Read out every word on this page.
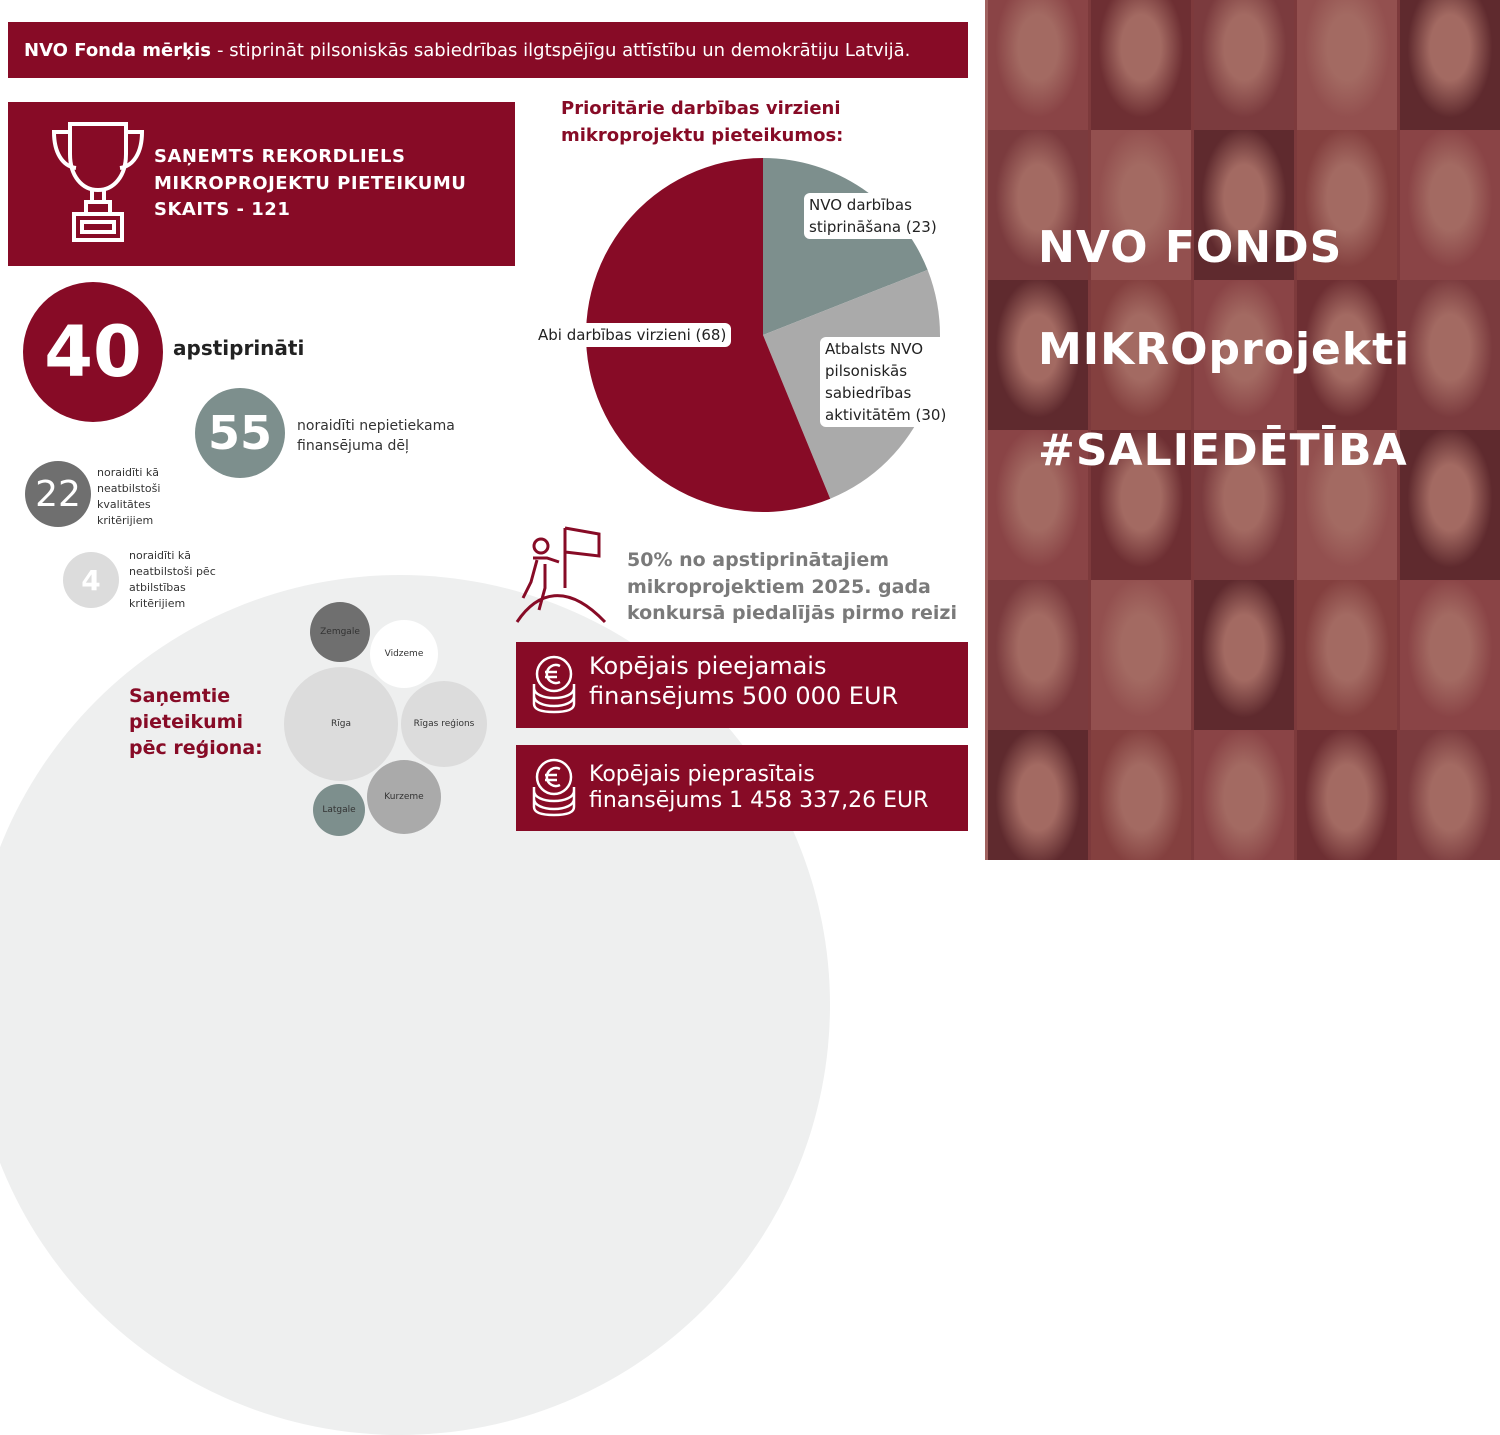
NVO Fonda mērķis - stiprināt pilsoniskās sabiedrības ilgtspējīgu attīstību un demokrātiju Latvijā.
SAŅEMTS REKORDLIELS
MIKROPROJEKTU PIETEIKUMU
SKAITS - 121
40	apstiprināti
55	noraidīti nepietiekama finansējuma dēļ
22
noraidīti kā neatbilstoši kvalitātes kritērijiem
4
noraidīti kā neatbilstoši pēc atbilstības kritērijiem
Saņemtie pieteikumi pēc reģiona:
Zemgale
Vidzeme
Rīga	Rīgas reģions
Kurzeme
Latgale
Prioritārie darbības virzieni mikroprojektu pieteikumos:
NVO darbības stiprināšana (23)
Atbalsts NVO pilsoniskās sabiedrības aktivitātēm (30)
Abi darbības virzieni (68)
50% no apstiprinātajiem mikroprojektiem 2025. gada konkursā piedalījās pirmo reizi
Kopējais pieejamais
finansējums 500 000 EUR
Kopējais pieprasītais
finansējums 1 458 337,26 EUR
NVO FONDS
MIKROprojekti
#SALIEDĒTĪBA
